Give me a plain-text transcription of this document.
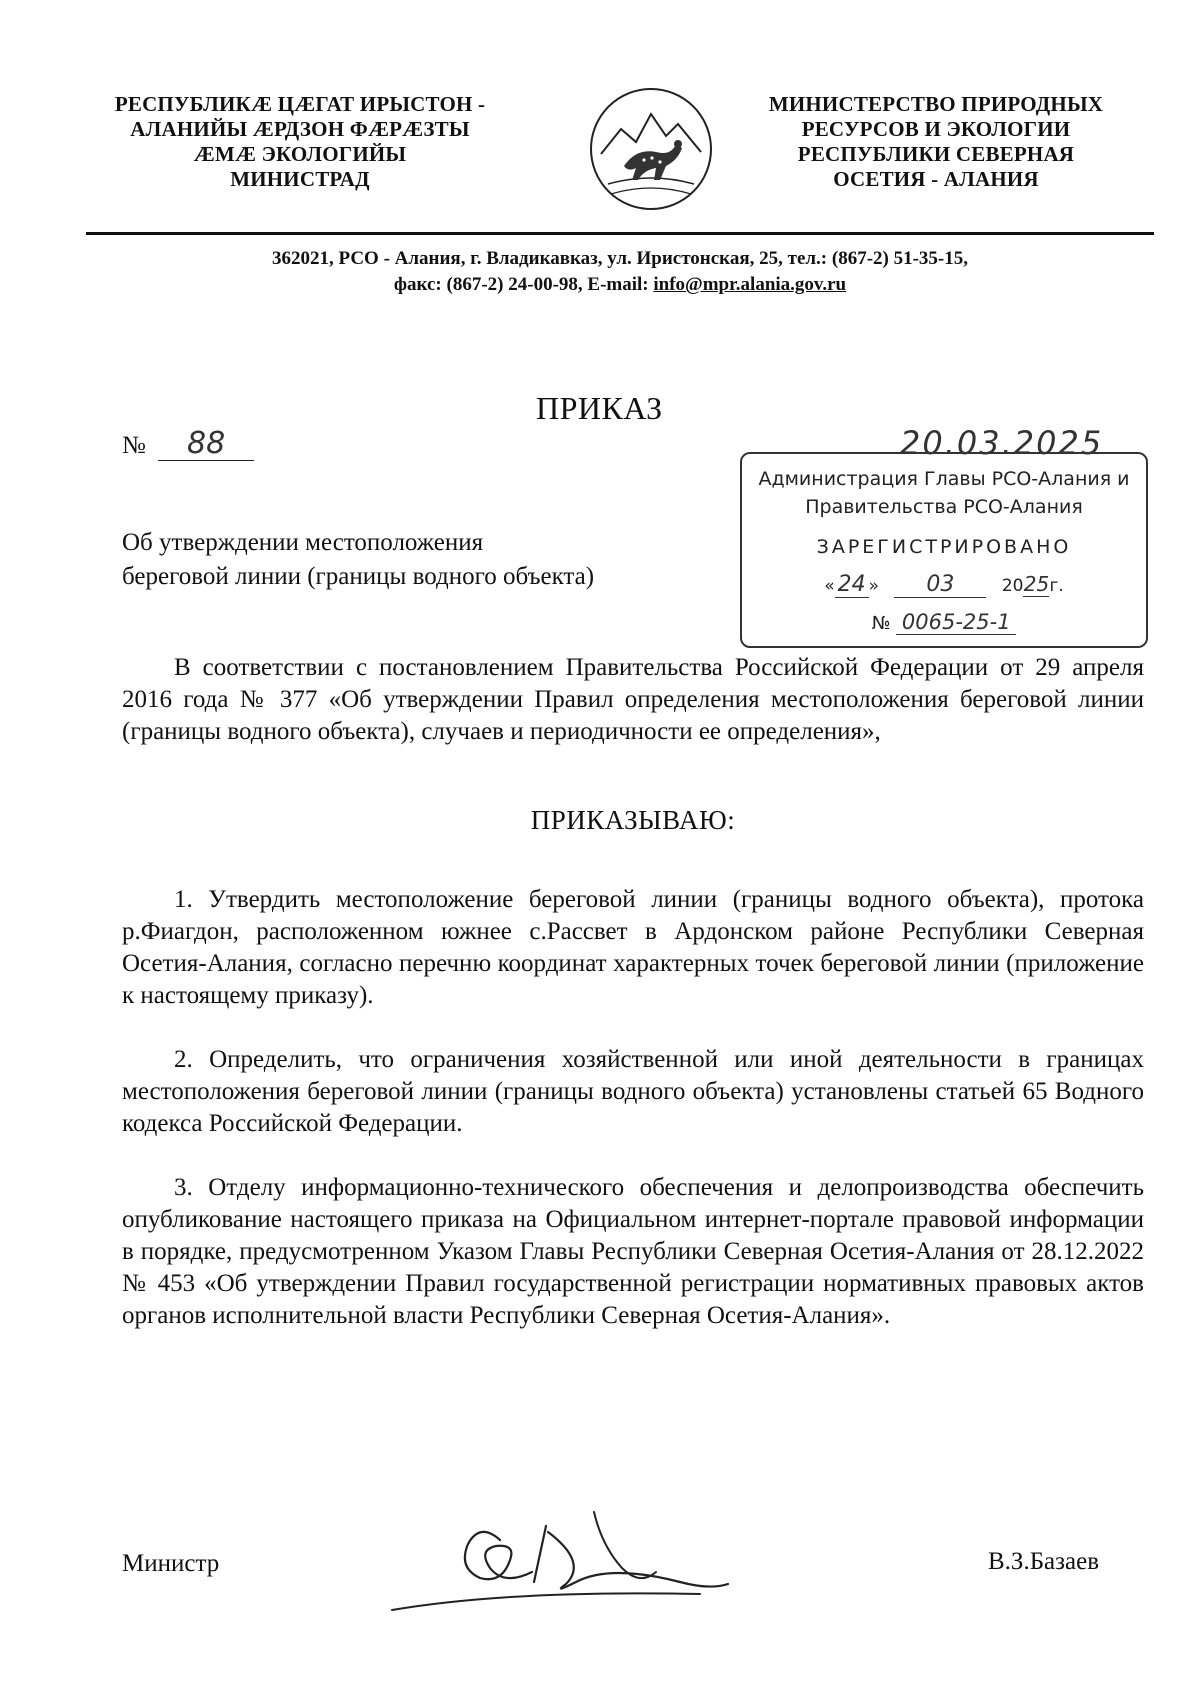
РЕСПУБЛИКӔ ЦӔГАТ ИРЫСТОН -
АЛАНИЙЫ ӔРДЗОН ФӔРӔЗТЫ
ӔМӔ ЭКОЛОГИЙЫ
МИНИСТРАД
МИНИСТЕРСТВО ПРИРОДНЫХ
РЕСУРСОВ И ЭКОЛОГИИ
РЕСПУБЛИКИ СЕВЕРНАЯ
ОСЕТИЯ - АЛАНИЯ
362021, РСО - Алания, г. Владикавказ, ул. Иристонская, 25, тел.: (867-2) 51-35-15,
факс: (867-2) 24-00-98, E-mail: info@mpr.alania.gov.ru
ПРИКАЗ
№ 88	20.03.2025
Администрация Главы РСО-Алания и
Правительства РСО-Алания
ЗАРЕГИСТРИРОВАНО
« 24 » 03	2025г.
№ 0065-25-1
Об утверждении местоположения
береговой линии (границы водного объекта)

В соответствии с постановлением Правительства Российской Федерации от 29 апреля 2016 года № 377 «Об утверждении Правил определения местоположения береговой линии (границы водного объекта), случаев и периодичности ее определения»,

ПРИКАЗЫВАЮ:

1. Утвердить местоположение береговой линии (границы водного объекта), протока р.Фиагдон, расположенном южнее с.Рассвет в Ардонском районе Республики Северная Осетия-Алания, согласно перечню координат характерных точек береговой линии (приложение к настоящему приказу).

2. Определить, что ограничения хозяйственной или иной деятельности в границах местоположения береговой линии (границы водного объекта) установлены статьей 65 Водного кодекса Российской Федерации.

3. Отделу информационно-технического обеспечения и делопроизводства обеспечить опубликование настоящего приказа на Официальном интернет-портале правовой информации в порядке, предусмотренном Указом Главы Республики Северная Осетия-Алания от 28.12.2022 № 453 «Об утверждении Правил государственной регистрации нормативных правовых актов органов исполнительной власти Республики Северная Осетия-Алания».

Министр	В.З.Базаев
